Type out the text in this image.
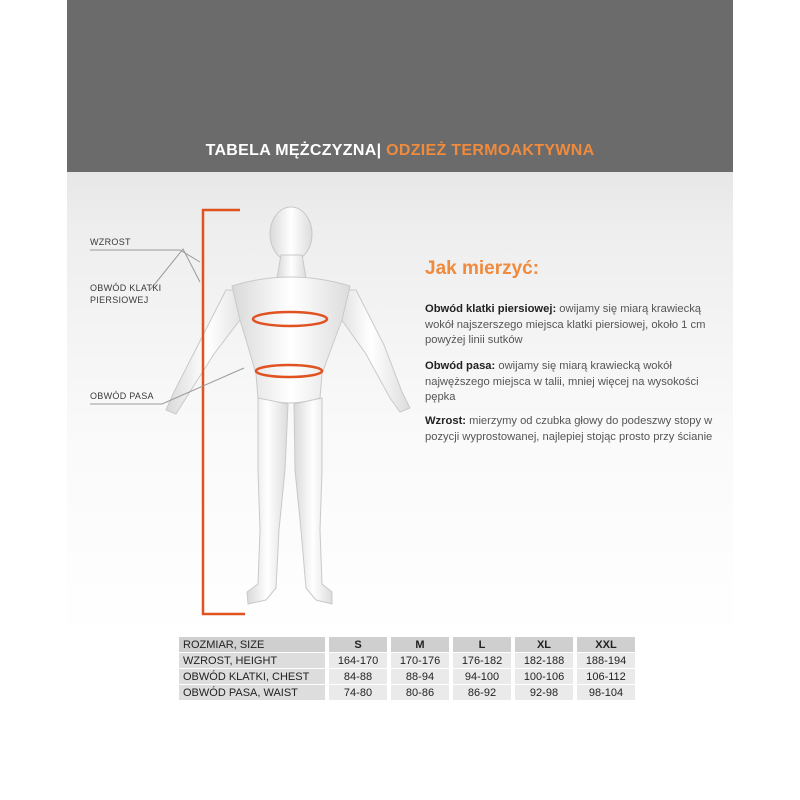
TABELA MĘŻCZYZNA| ODZIEŻ TERMOAKTYWNA
WZROST
OBWÓD KLATKI
PIERSIOWEJ
OBWÓD PASA
Jak mierzyć:
Obwód klatki piersiowej: owijamy się miarą krawiecką wokół najszerszego miejsca klatki piersiowej, około 1 cm powyżej linii sutków
Obwód pasa: owijamy się miarą krawiecką wokół najwęższego miejsca w talii, mniej więcej na wysokości pępka
Wzrost: mierzymy od czubka głowy do podeszwy stopy w pozycji wyprostowanej, najlepiej stojąc prosto przy ścianie
ROZMIAR, SIZE		S		M		L		XL		XXL
WZROST, HEIGHT		164-170		170-176		176-182		182-188		188-194
OBWÓD KLATKI, CHEST		84-88		88-94		94-100		100-106		106-112
OBWÓD PASA, WAIST		74-80		80-86		86-92		92-98		98-104
